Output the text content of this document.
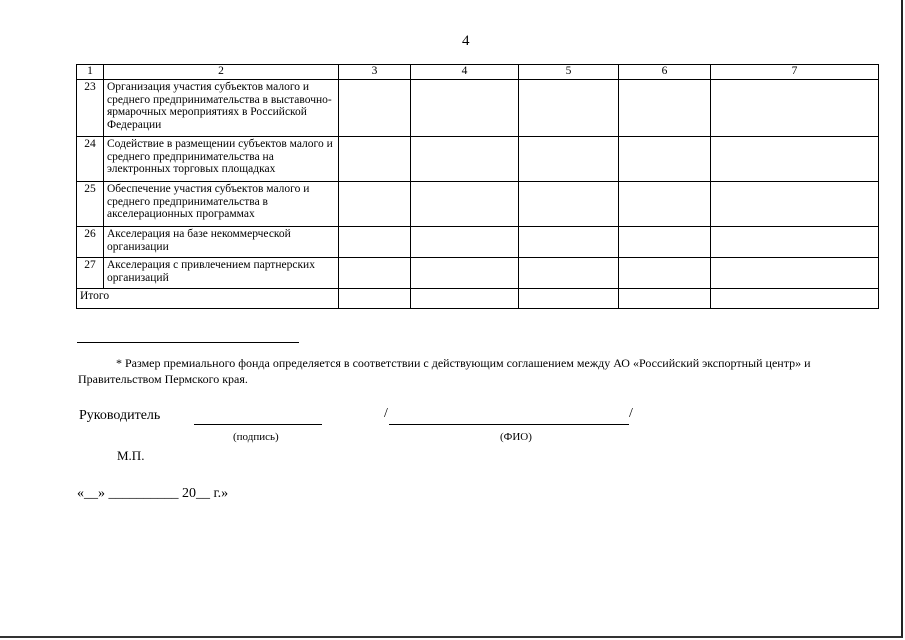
4
1	2	3	4	5	6	7
23	Организация участия субъектов малого и среднего предпринимательства в выставочно-ярмарочных мероприятиях в Российской Федерации					
24	Содействие в размещении субъектов малого и среднего предпринимательства на электронных торговых площадках					
25	Обеспечение участия субъектов малого и среднего предпринимательства в акселерационных программах					
26	Акселерация на базе некоммерческой организации					
27	Акселерация с привлечением партнерских организаций					
Итого						
* Размер премиального фонда определяется в соответствии с действующим соглашением между АО «Российский экспортный центр» и Правительством Пермского края.
Руководитель	/	/
(подпись)	(ФИО)
М.П.
«__» __________ 20__ г.»
